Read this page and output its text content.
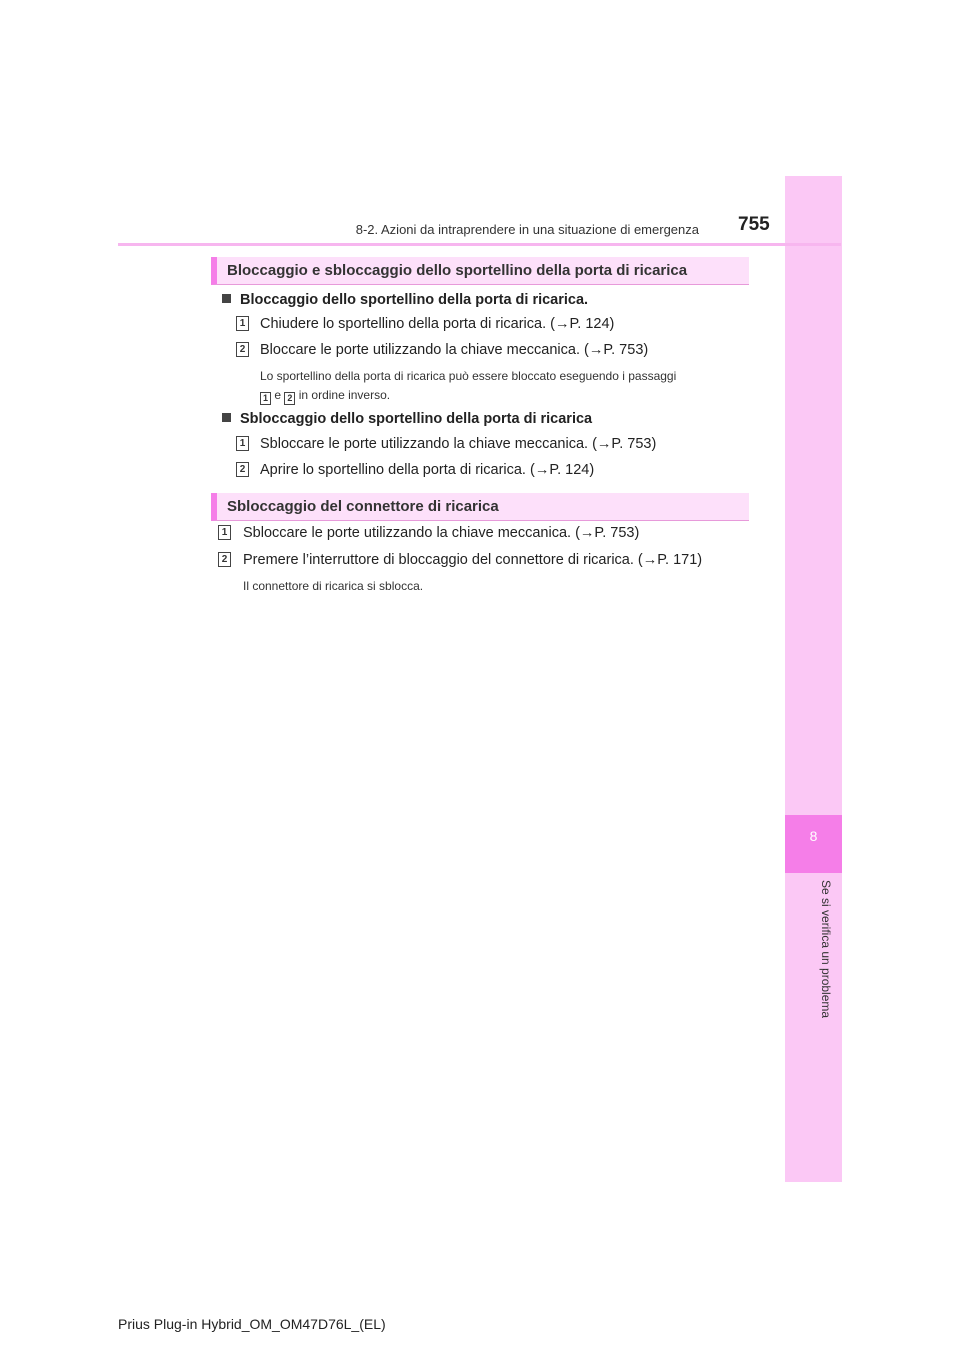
8
Se si verifica un problema
8-2. Azioni da intraprendere in una situazione di emergenza 755
Bloccaggio e sbloccaggio dello sportellino della porta di ricarica
Bloccaggio dello sportellino della porta di ricarica.
1 Chiudere lo sportellino della porta di ricarica. (→P. 124)
2 Bloccare le porte utilizzando la chiave meccanica. (→P. 753)
Lo sportellino della porta di ricarica può essere bloccato eseguendo i passaggi
1 e 2 in ordine inverso.
Sbloccaggio dello sportellino della porta di ricarica
1 Sbloccare le porte utilizzando la chiave meccanica. (→P. 753)
2 Aprire lo sportellino della porta di ricarica. (→P. 124)
Sbloccaggio del connettore di ricarica
1 Sbloccare le porte utilizzando la chiave meccanica. (→P. 753)
2 Premere l’interruttore di bloccaggio del connettore di ricarica. (→P. 171)
Il connettore di ricarica si sblocca.
Prius Plug-in Hybrid_OM_OM47D76L_(EL)
